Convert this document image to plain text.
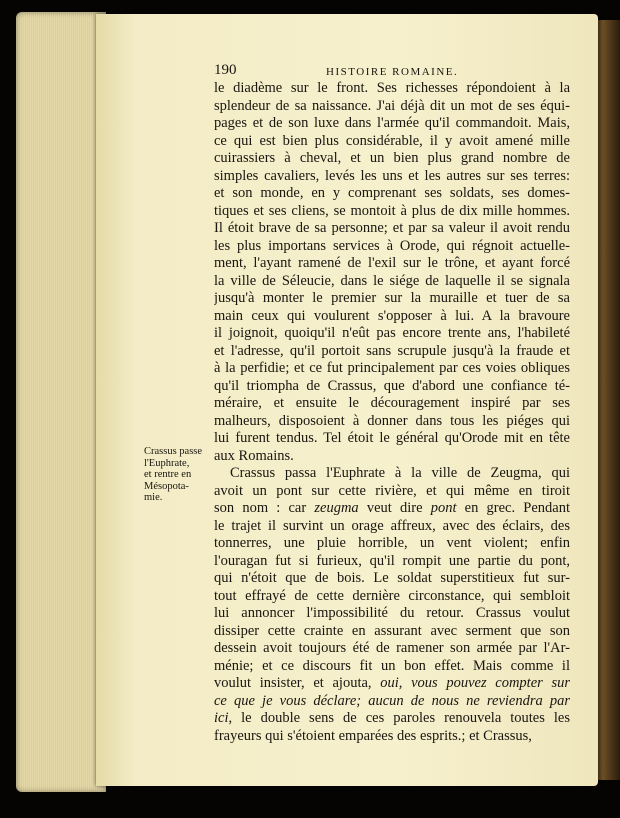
190	HISTOIRE ROMAINE.
Crassus passe
l'Euphrate,
et rentre en
Mésopota-
mie.
le diadème sur le front. Ses richesses répondoient à la
splendeur de sa naissance. J'ai déjà dit un mot de ses équi-
pages et de son luxe dans l'armée qu'il commandoit. Mais,
ce qui est bien plus considérable, il y avoit amené mille
cuirassiers à cheval, et un bien plus grand nombre de
simples cavaliers, levés les uns et les autres sur ses terres:
et son monde, en y comprenant ses soldats, ses domes-
tiques et ses cliens, se montoit à plus de dix mille hommes.
Il étoit brave de sa personne; et par sa valeur il avoit rendu
les plus importans services à Orode, qui régnoit actuelle-
ment, l'ayant ramené de l'exil sur le trône, et ayant forcé
la ville de Séleucie, dans le siége de laquelle il se signala
jusqu'à monter le premier sur la muraille et tuer de sa
main ceux qui voulurent s'opposer à lui. A la bravoure
il joignoit, quoiqu'il n'eût pas encore trente ans, l'habileté
et l'adresse, qu'il portoit sans scrupule jusqu'à la fraude et
à la perfidie; et ce fut principalement par ces voies obliques
qu'il triompha de Crassus, que d'abord une confiance té-
méraire, et ensuite le découragement inspiré par ses
malheurs, disposoient à donner dans tous les piéges qui
lui furent tendus. Tel étoit le général qu'Orode mit en tête
aux Romains.
Crassus passa l'Euphrate à la ville de Zeugma, qui
avoit un pont sur cette rivière, et qui même en tiroit
son nom : car zeugma veut dire pont en grec. Pendant
le trajet il survint un orage affreux, avec des éclairs, des
tonnerres, une pluie horrible, un vent violent; enfin
l'ouragan fut si furieux, qu'il rompit une partie du pont,
qui n'étoit que de bois. Le soldat superstitieux fut sur-
tout effrayé de cette dernière circonstance, qui sembloit
lui annoncer l'impossibilité du retour. Crassus voulut
dissiper cette crainte en assurant avec serment que son
dessein avoit toujours été de ramener son armée par l'Ar-
ménie; et ce discours fit un bon effet. Mais comme il
voulut insister, et ajouta, oui, vous pouvez compter sur
ce que je vous déclare; aucun de nous ne reviendra par
ici, le double sens de ces paroles renouvela toutes les
frayeurs qui s'étoient emparées des esprits.; et Crassus,
